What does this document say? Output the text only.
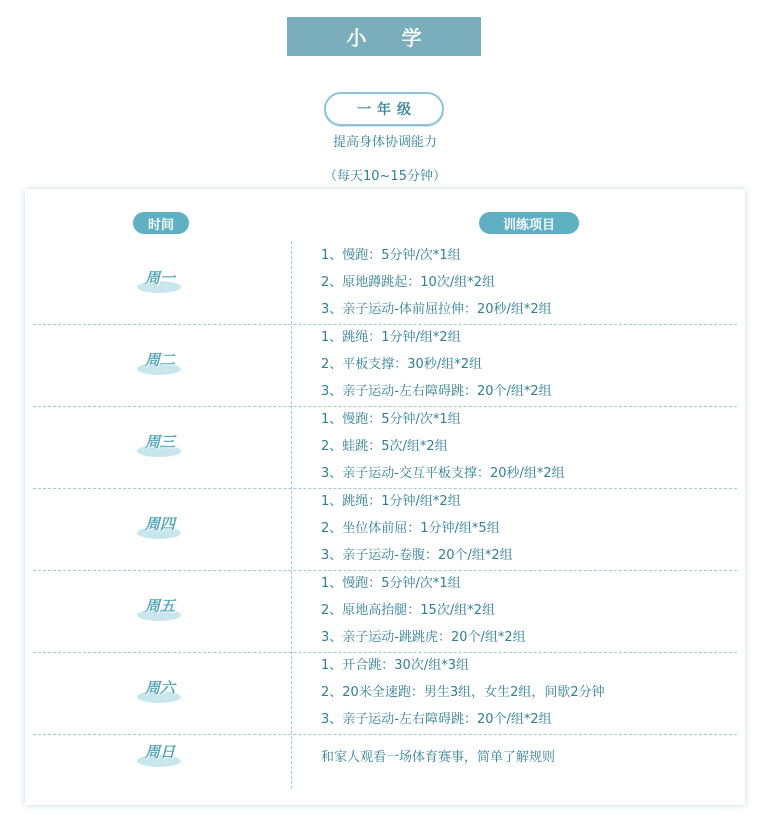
小 学
一年级
提高身体协调能力
（每天10~15分钟）
时间	训练项目
周一
1、慢跑：5分钟/次*1组
2、原地蹲跳起：10次/组*2组
3、亲子运动-体前屈拉伸：20秒/组*2组
周二
1、跳绳：1分钟/组*2组
2、平板支撑：30秒/组*2组
3、亲子运动-左右障碍跳：20个/组*2组
周三
1、慢跑：5分钟/次*1组
2、蛙跳：5次/组*2组
3、亲子运动-交互平板支撑：20秒/组*2组
周四
1、跳绳：1分钟/组*2组
2、坐位体前屈：1分钟/组*5组
3、亲子运动-卷腹：20个/组*2组
周五
1、慢跑：5分钟/次*1组
2、原地高抬腿：15次/组*2组
3、亲子运动-跳跳虎：20个/组*2组
周六
1、开合跳：30次/组*3组
2、20米全速跑：男生3组，女生2组，间歇2分钟
3、亲子运动-左右障碍跳：20个/组*2组
周日	和家人观看一场体育赛事，简单了解规则
